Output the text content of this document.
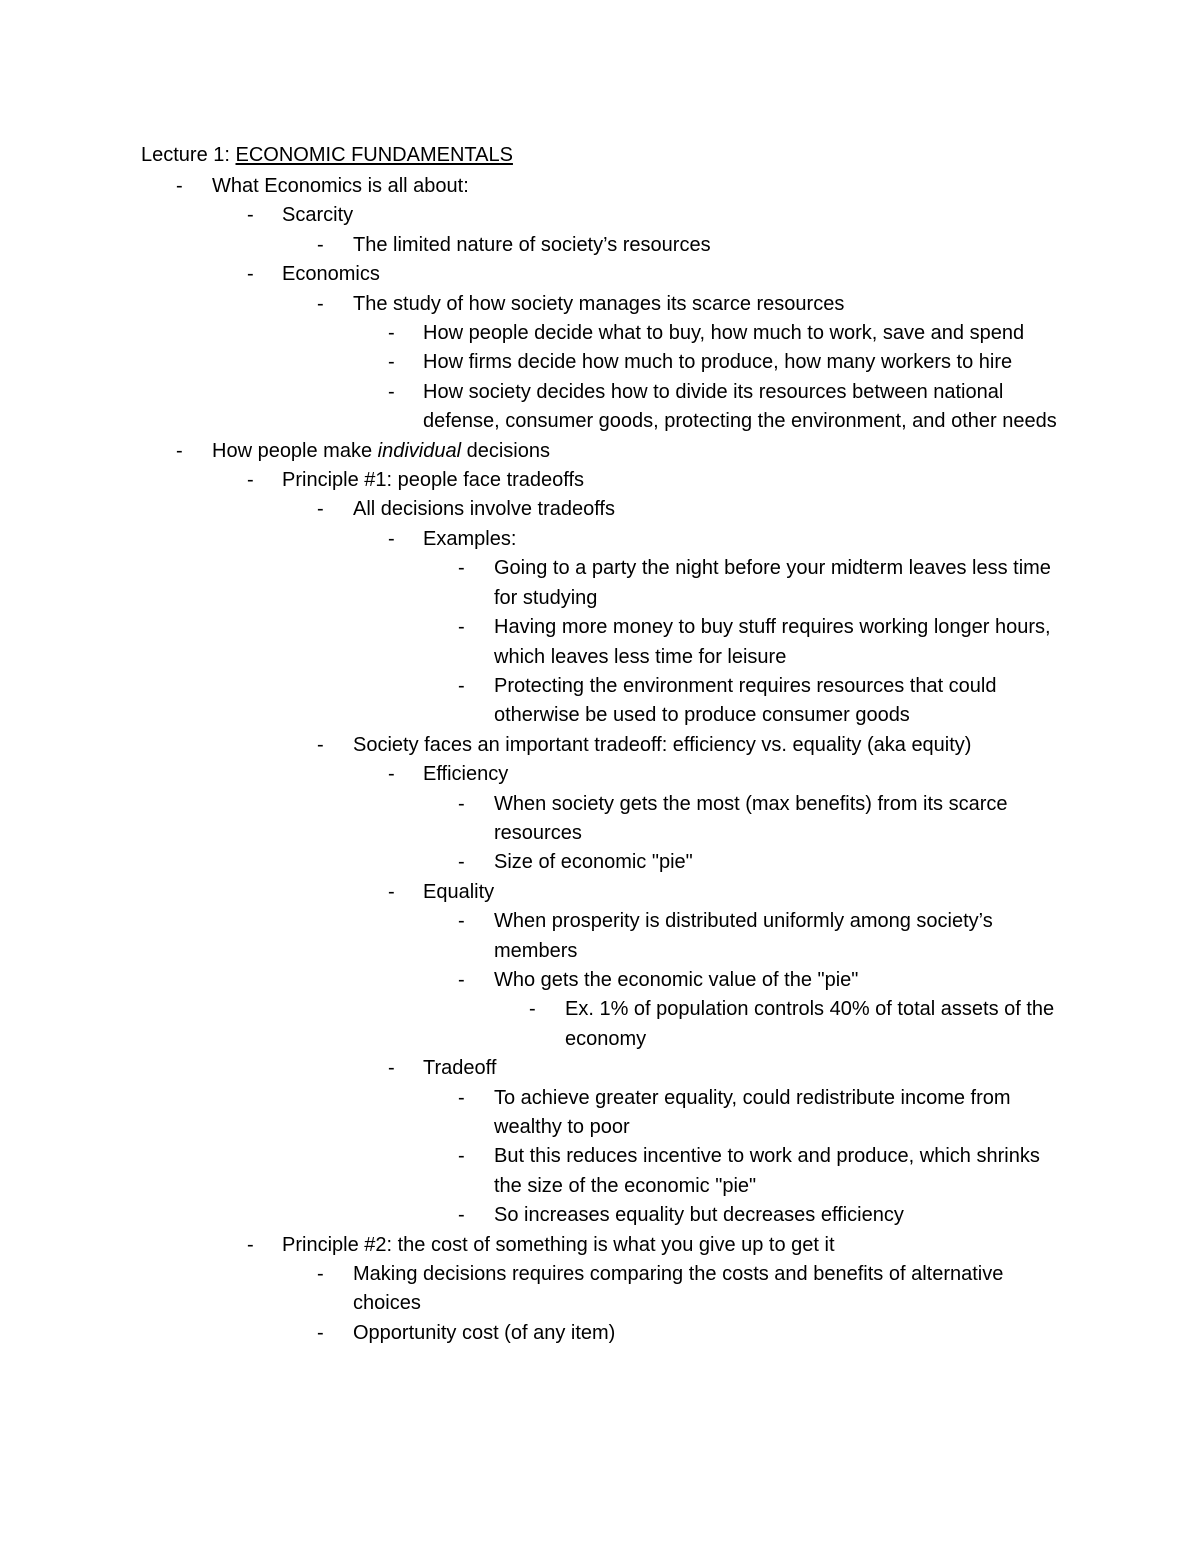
Lecture 1: ECONOMIC FUNDAMENTALS
- What Economics is all about:
- Scarcity
- The limited nature of society’s resources
- Economics
- The study of how society manages its scarce resources
- How people decide what to buy, how much to work, save and spend
- How firms decide how much to produce, how many workers to hire
- How society decides how to divide its resources between national defense, consumer goods, protecting the environment, and other needs
- How people make individual decisions
- Principle #1: people face tradeoffs
- All decisions involve tradeoffs
- Examples:
- Going to a party the night before your midterm leaves less time for studying
- Having more money to buy stuff requires working longer hours, which leaves less time for leisure
- Protecting the environment requires resources that could otherwise be used to produce consumer goods
- Society faces an important tradeoff: efficiency vs. equality (aka equity)
- Efficiency
- When society gets the most (max benefits) from its scarce resources
- Size of economic "pie"
- Equality
- When prosperity is distributed uniformly among society’s members
- Who gets the economic value of the "pie"
- Ex. 1% of population controls 40% of total assets of the economy
- Tradeoff
- To achieve greater equality, could redistribute income from wealthy to poor
- But this reduces incentive to work and produce, which shrinks the size of the economic "pie"
- So increases equality but decreases efficiency
- Principle #2: the cost of something is what you give up to get it
- Making decisions requires comparing the costs and benefits of alternative choices
- Opportunity cost (of any item)
